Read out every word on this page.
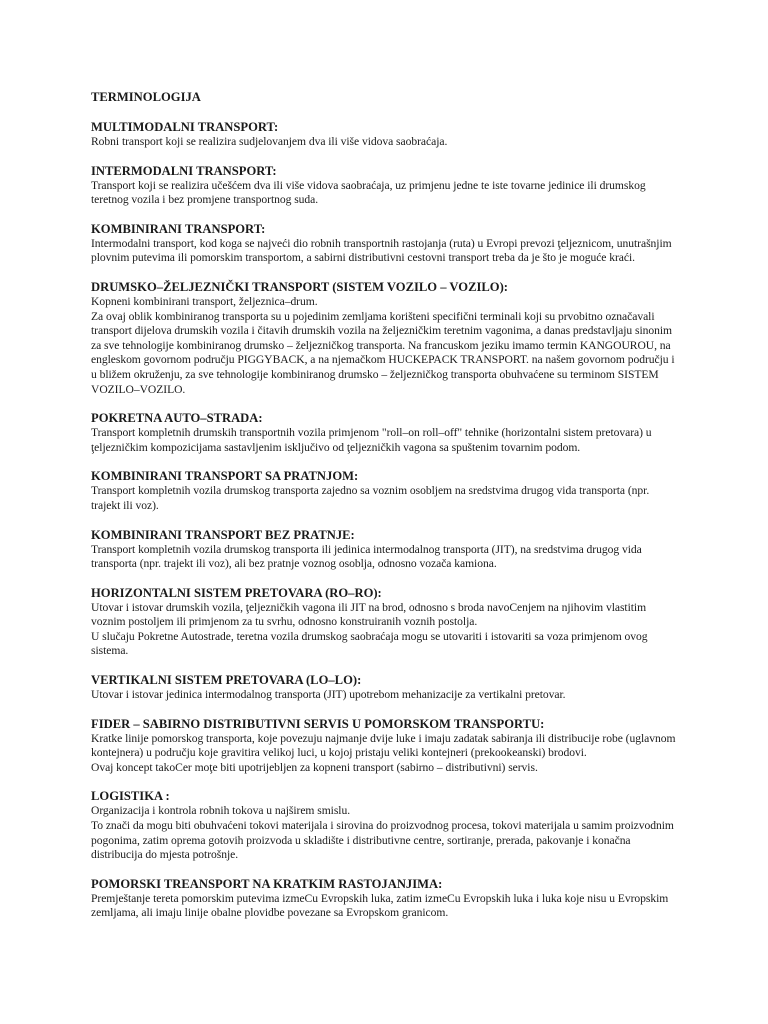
TERMINOLOGIJA
MULTIMODALNI TRANSPORT:

Robni transport koji se realizira sudjelovanjem dva ili više vidova saobraćaja.

INTERMODALNI TRANSPORT:

Transport koji se realizira učešćem dva ili više vidova saobraćaja, uz primjenu jedne te iste tovarne jedinice ili drumskog teretnog vozila i bez promjene transportnog suda.

KOMBINIRANI TRANSPORT:

Intermodalni transport, kod koga se najveći dio robnih transportnih rastojanja (ruta) u Evropi prevozi ţeljeznicom, unutrašnjim plovnim putevima ili pomorskim transportom, a sabirni distributivni cestovni transport treba da je što je moguće kraći.

DRUMSKO–ŽELJEZNIČKI TRANSPORT (SISTEM VOZILO – VOZILO):

Kopneni kombinirani transport, željeznica–drum.

Za ovaj oblik kombiniranog transporta su u pojedinim zemljama korišteni specifični terminali koji su prvobitno označavali transport dijelova drumskih vozila i čitavih drumskih vozila na željezničkim teretnim vagonima, a danas predstavljaju sinonim za sve tehnologije kombiniranog drumsko – željezničkog transporta. Na francuskom jeziku imamo termin KANGOUROU, na engleskom govornom području PIGGYBACK, a na njemačkom HUCKEPACK TRANSPORT. na našem govornom području i u bližem okruženju, za sve tehnologije kombiniranog drumsko – željezničkog transporta obuhvaćene su terminom SISTEM VOZILO–VOZILO.

POKRETNA AUTO–STRADA:

Transport kompletnih drumskih transportnih vozila primjenom "roll–on roll–off" tehnike (horizontalni sistem pretovara) u ţeljezničkim kompozicijama sastavljenim isključivo od ţeljezničkih vagona sa spuštenim tovarnim podom.

KOMBINIRANI TRANSPORT SA PRATNJOM:

Transport kompletnih vozila drumskog transporta zajedno sa voznim osobljem na sredstvima drugog vida transporta (npr. trajekt ili voz).

KOMBINIRANI TRANSPORT BEZ PRATNJE:

Transport kompletnih vozila drumskog transporta ili jedinica intermodalnog transporta (JIT), na sredstvima drugog vida transporta (npr. trajekt ili voz), ali bez pratnje voznog osoblja, odnosno vozača kamiona.

HORIZONTALNI SISTEM PRETOVARA (RO–RO):

Utovar i istovar drumskih vozila, ţeljezničkih vagona ili JIT na brod, odnosno s broda navoCenjem na njihovim vlastitim voznim postoljem ili primjenom za tu svrhu, odnosno konstruiranih voznih postolja.

U slučaju Pokretne Autostrade, teretna vozila drumskog saobraćaja mogu se utovariti i istovariti sa voza primjenom ovog sistema.

VERTIKALNI SISTEM PRETOVARA (LO–LO):

Utovar i istovar jedinica intermodalnog transporta (JIT) upotrebom mehanizacije za vertikalni pretovar.

FIDER – SABIRNO DISTRIBUTIVNI SERVIS U POMORSKOM TRANSPORTU:

Kratke linije pomorskog transporta, koje povezuju najmanje dvije luke i imaju zadatak sabiranja ili distribucije robe (uglavnom kontejnera) u području koje gravitira velikoj luci, u kojoj pristaju veliki kontejneri (prekookeanski) brodovi.

Ovaj koncept takoCer moţe biti upotrijebljen za kopneni transport (sabirno – distributivni) servis.

LOGISTIKA :

Organizacija i kontrola robnih tokova u najširem smislu.

To znači da mogu biti obuhvaćeni tokovi materijala i sirovina do proizvodnog procesa, tokovi materijala u samim proizvodnim pogonima, zatim oprema gotovih proizvoda u skladište i distributivne centre, sortiranje, prerada, pakovanje i konačna distribucija do mjesta potrošnje.

POMORSKI TREANSPORT NA KRATKIM RASTOJANJIMA:

Premještanje tereta pomorskim putevima izmeCu Evropskih luka, zatim izmeCu Evropskih luka i luka koje nisu u Evropskim zemljama, ali imaju linije obalne plovidbe povezane sa Evropskom granicom.
